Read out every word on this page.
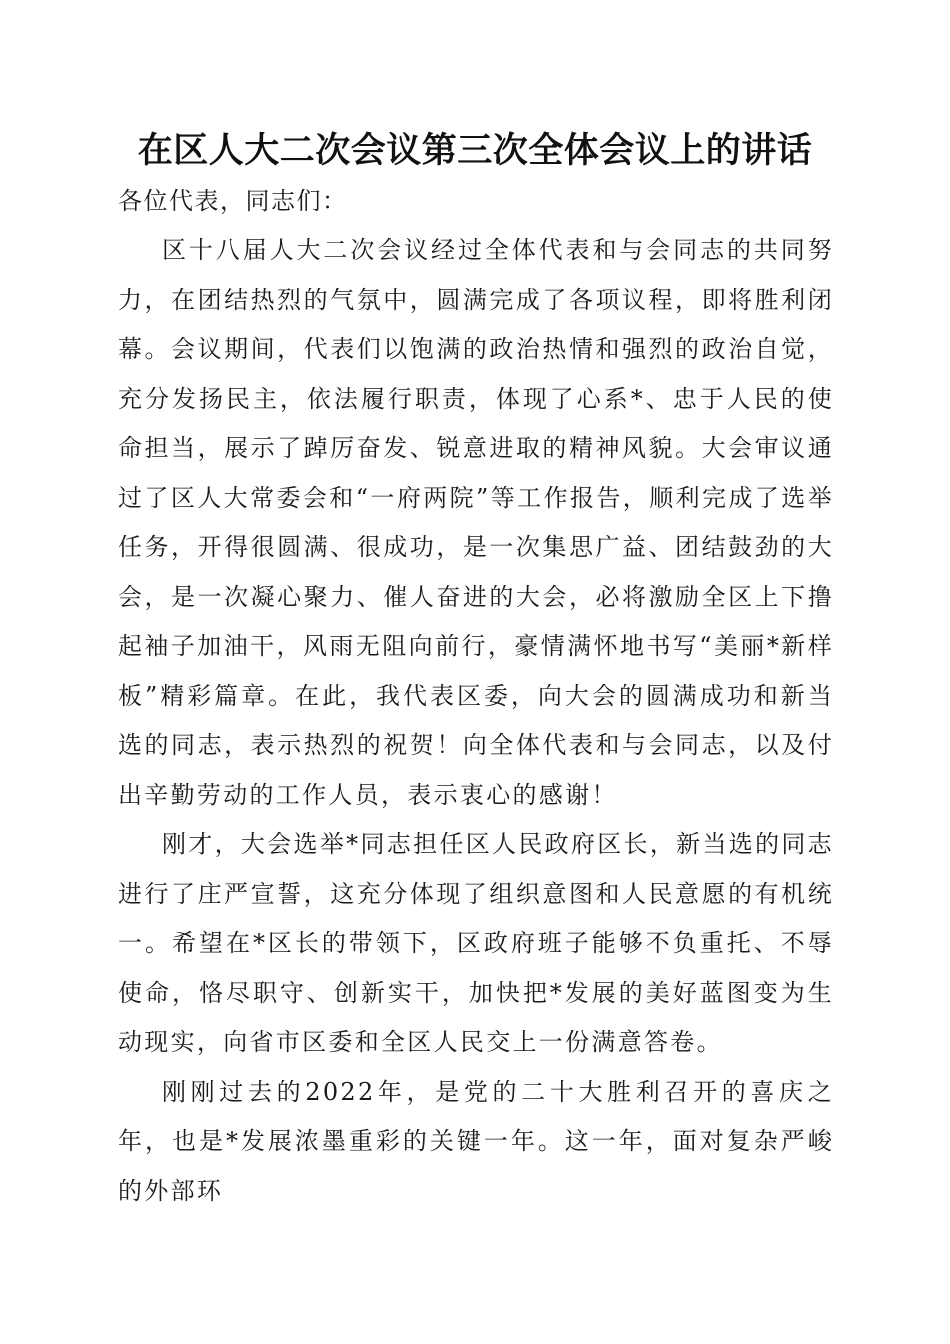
在区人大二次会议第三次全体会议上的讲话
各位代表，同志们：

区十八届人大二次会议经过全体代表和与会同志的共同努力，在团结热烈的气氛中，圆满完成了各项议程，即将胜利闭幕。会议期间，代表们以饱满的政治热情和强烈的政治自觉，充分发扬民主，依法履行职责，体现了心系*、忠于人民的使命担当，展示了踔厉奋发、锐意进取的精神风貌。大会审议通过了区人大常委会和“一府两院”等工作报告，顺利完成了选举任务，开得很圆满、很成功，是一次集思广益、团结鼓劲的大会，是一次凝心聚力、催人奋进的大会，必将激励全区上下撸起袖子加油干，风雨无阻向前行，豪情满怀地书写“美丽*新样板”精彩篇章。在此，我代表区委，向大会的圆满成功和新当选的同志，表示热烈的祝贺！向全体代表和与会同志，以及付出辛勤劳动的工作人员，表示衷心的感谢！

刚才，大会选举*同志担任区人民政府区长，新当选的同志进行了庄严宣誓，这充分体现了组织意图和人民意愿的有机统一。希望在*区长的带领下，区政府班子能够不负重托、不辱使命，恪尽职守、创新实干，加快把*发展的美好蓝图变为生动现实，向省市区委和全区人民交上一份满意答卷。

刚刚过去的2022年，是党的二十大胜利召开的喜庆之年，也是*发展浓墨重彩的关键一年。这一年，面对复杂严峻的外部环
